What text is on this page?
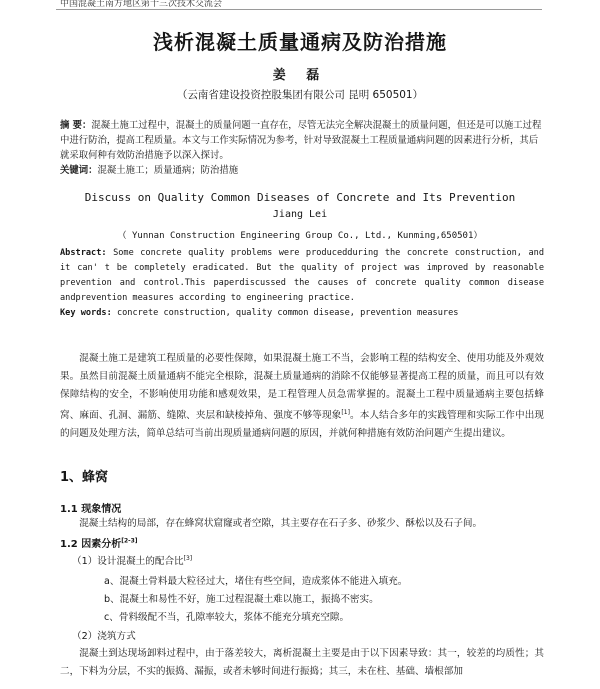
中国混凝土南方地区第十三次技术交流会
浅析混凝土质量通病及防治措施
姜 磊
（云南省建设投资控股集团有限公司 昆明 650501）
摘 要：混凝土施工过程中，混凝土的质量问题一直存在，尽管无法完全解决混凝土的质量问题，但还是可以施工过程中进行防治，提高工程质量。本文与工作实际情况为参考，针对导致混凝土工程质量通病问题的因素进行分析，其后就采取何种有效防治措施予以深入探讨。
关键词：混凝土施工；质量通病；防治措施
Discuss on Quality Common Diseases of Concrete and Its Prevention
Jiang Lei
（ Yunnan Construction Engineering Group Co., Ltd., Kunming,650501）
Abstract: Some concrete quality problems were producedduring the concrete construction, and it can' t be completely eradicated. But the quality of project was improved by reasonable prevention and control.This paperdiscussed the causes of concrete quality common disease andprevention measures according to engineering practice.
Key words: concrete construction, quality common disease, prevention measures
混凝土施工是建筑工程质量的必要性保障，如果混凝土施工不当，会影响工程的结构安全、使用功能及外观效果。虽然目前混凝土质量通病不能完全根除，混凝土质量通病的消除不仅能够显著提高工程的质量，而且可以有效保障结构的安全，不影响使用功能和感观效果，是工程管理人员急需掌握的。混凝土工程中质量通病主要包括蜂窝、麻面、孔洞、漏筋、缝隙、夹层和缺棱掉角、强度不够等现象[1]。本人结合多年的实践管理和实际工作中出现的问题及处理方法，简单总结可当前出现质量通病问题的原因，并就何种措施有效防治问题产生提出建议。
1、蜂窝
1.1 现象情况
混凝土结构的局部，存在蜂窝状窟窿或者空隙，其主要存在石子多、砂浆少、酥松以及石子间。
1.2 因素分析[2-3]
（1）设计混凝土的配合比[3]
a、混凝土骨料最大粒径过大，堵住有些空间，造成浆体不能进入填充。
b、混凝土和易性不好，施工过程混凝土难以施工，振捣不密实。
c、骨料级配不当，孔隙率较大，浆体不能充分填充空隙。
（2）浇筑方式
混凝土到达现场卸料过程中，由于落差较大，离析混凝土主要是由于以下因素导致：其一，较差的均质性；其二，下料为分层，不实的振捣、漏振，或者未够时间进行振捣；其三，未在柱、基础、墙根部加
